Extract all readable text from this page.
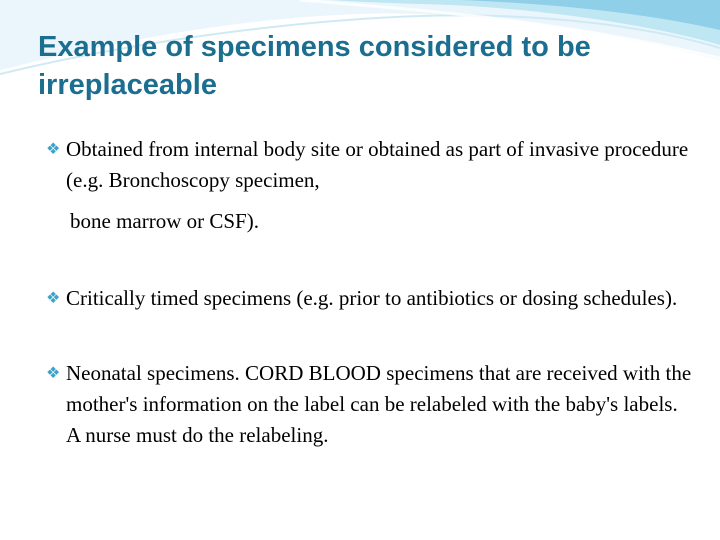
Example of specimens considered to be irreplaceable
❖ Obtained from internal body site or obtained as part of invasive procedure (e.g. Bronchoscopy specimen,
bone marrow or CSF).
❖ Critically timed specimens (e.g. prior to antibiotics or dosing schedules).
❖ Neonatal specimens. CORD BLOOD specimens that are received with the mother's information on the label can be relabeled with the baby's labels. A nurse must do the relabeling.
